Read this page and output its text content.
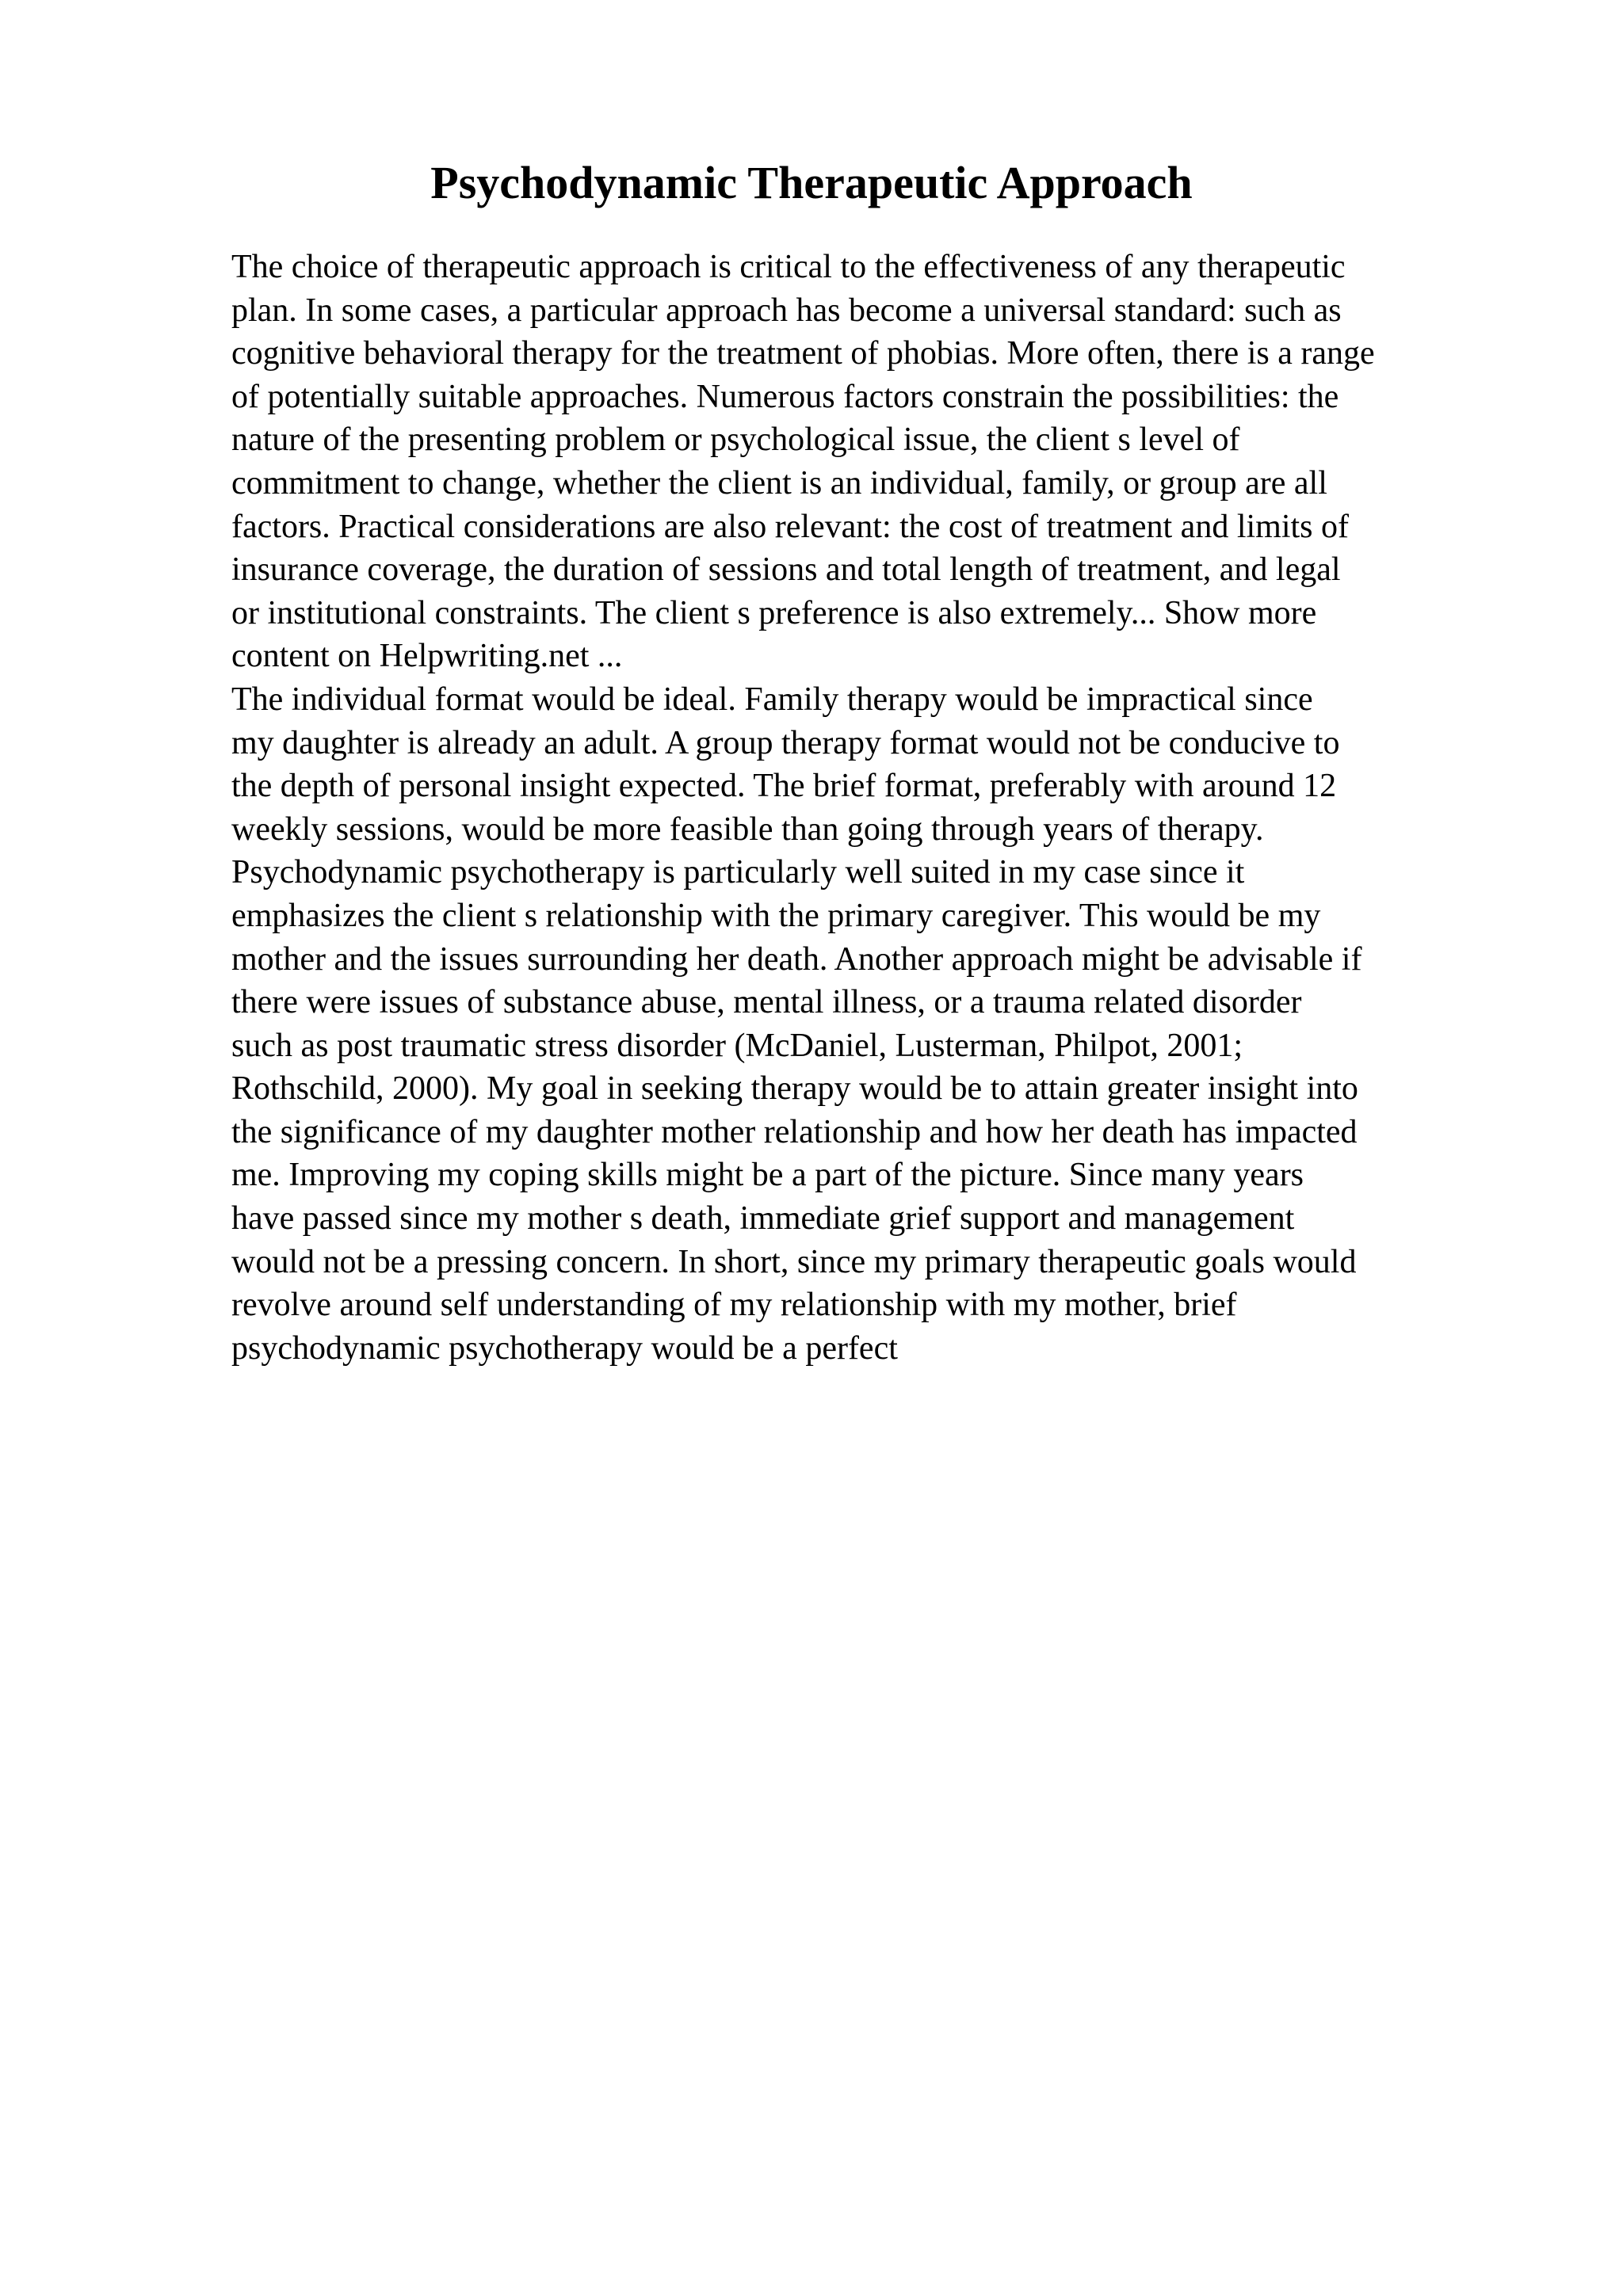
Psychodynamic Therapeutic Approach
The choice of therapeutic approach is critical to the effectiveness of any therapeutic
plan. In some cases, a particular approach has become a universal standard: such as
cognitive behavioral therapy for the treatment of phobias. More often, there is a range
of potentially suitable approaches. Numerous factors constrain the possibilities: the
nature of the presenting problem or psychological issue, the client s level of
commitment to change, whether the client is an individual, family, or group are all
factors. Practical considerations are also relevant: the cost of treatment and limits of
insurance coverage, the duration of sessions and total length of treatment, and legal
or institutional constraints. The client s preference is also extremely... Show more
content on Helpwriting.net ...
The individual format would be ideal. Family therapy would be impractical since
my daughter is already an adult. A group therapy format would not be conducive to
the depth of personal insight expected. The brief format, preferably with around 12
weekly sessions, would be more feasible than going through years of therapy.
Psychodynamic psychotherapy is particularly well suited in my case since it
emphasizes the client s relationship with the primary caregiver. This would be my
mother and the issues surrounding her death. Another approach might be advisable if
there were issues of substance abuse, mental illness, or a trauma related disorder
such as post traumatic stress disorder (McDaniel, Lusterman, Philpot, 2001;
Rothschild, 2000). My goal in seeking therapy would be to attain greater insight into
the significance of my daughter mother relationship and how her death has impacted
me. Improving my coping skills might be a part of the picture. Since many years
have passed since my mother s death, immediate grief support and management
would not be a pressing concern. In short, since my primary therapeutic goals would
revolve around self understanding of my relationship with my mother, brief
psychodynamic psychotherapy would be a perfect
